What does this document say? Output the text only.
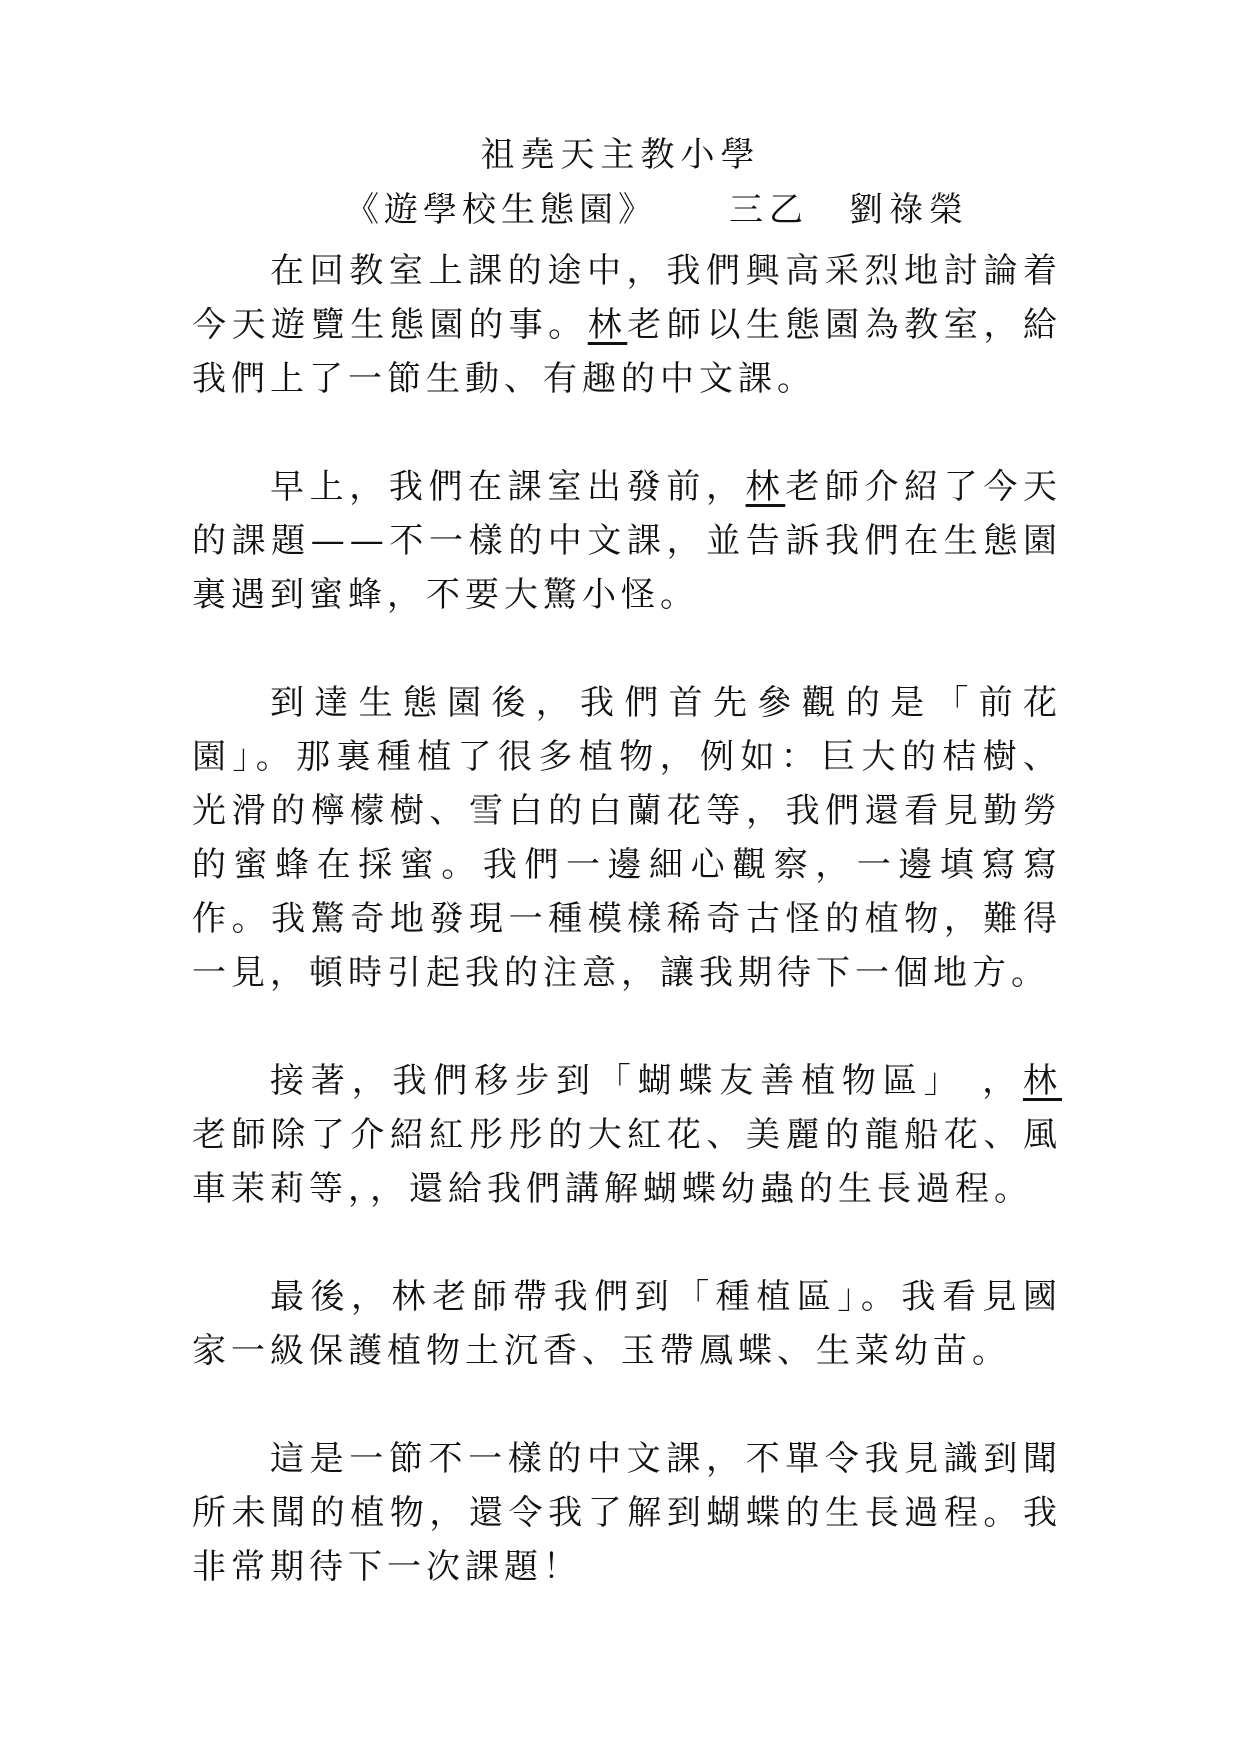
祖堯天主教小學
《遊學校生態園》 三乙 劉祿榮

在回教室上課的途中，我們興高采烈地討論着今天遊覽生態園的事。林老師以生態園為教室，給我們上了一節生動、有趣的中文課。

早上，我們在課室出發前，林老師介紹了今天的課題——不一樣的中文課，並告訴我們在生態園裏遇到蜜蜂，不要大驚小怪。

到達生態園後，我們首先參觀的是「前花園」。那裏種植了很多植物，例如：巨大的桔樹、光滑的檸檬樹、雪白的白蘭花等，我們還看見勤勞的蜜蜂在採蜜。我們一邊細心觀察，一邊填寫寫作。我驚奇地發現一種模樣稀奇古怪的植物，難得一見，頓時引起我的注意，讓我期待下一個地方。

接著，我們移步到「蝴蝶友善植物區」 ，林老師除了介紹紅彤彤的大紅花、美麗的龍船花、風車茉莉等，，還給我們講解蝴蝶幼蟲的生長過程。

最後，林老師帶我們到「種植區」。我看見國家一級保護植物土沉香、玉帶鳳蝶、生菜幼苗。

這是一節不一樣的中文課，不單令我見識到聞所未聞的植物，還令我了解到蝴蝶的生長過程。我非常期待下一次課題！
